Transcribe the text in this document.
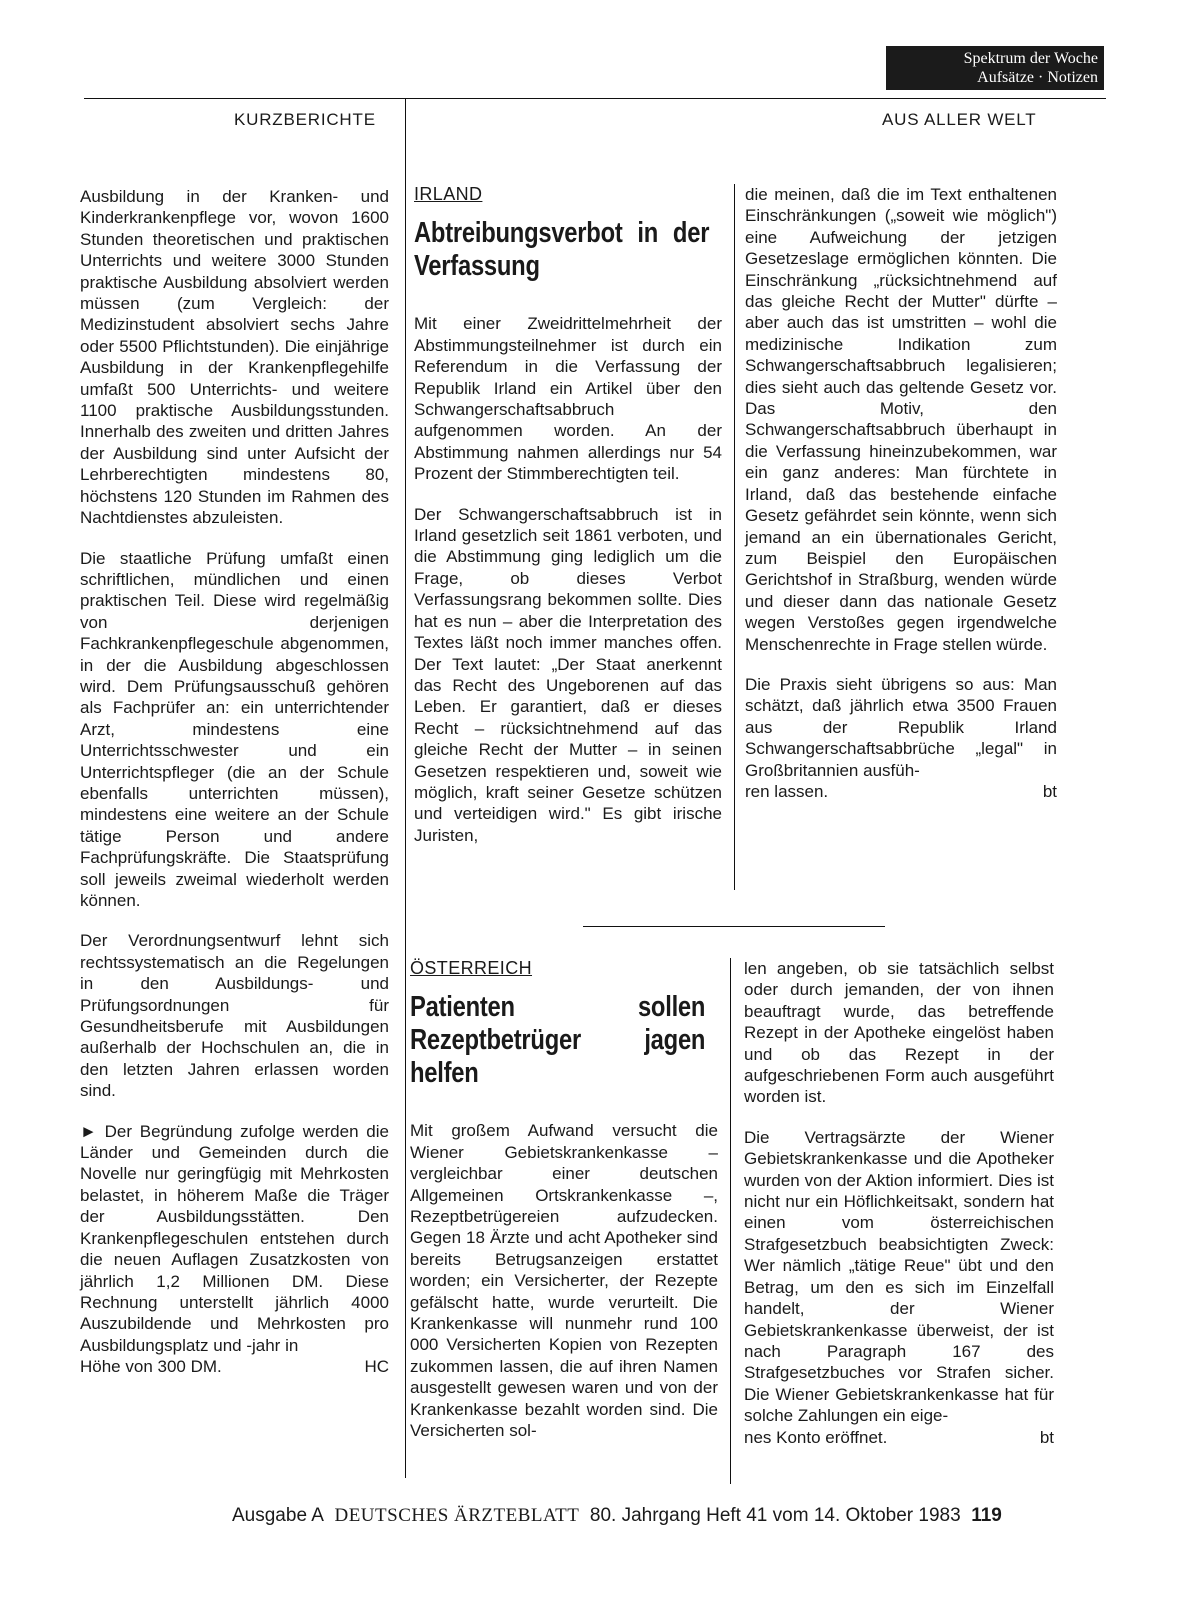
Spektrum der Woche
Aufsätze · Notizen
KURZBERICHTE	AUS ALLER WELT

Ausbildung in der Kranken- und Kinderkrankenpflege vor, wovon 1600 Stunden theoretischen und praktischen Unterrichts und weitere 3000 Stunden praktische Ausbildung absolviert werden müssen (zum Vergleich: der Medizinstudent absolviert sechs Jahre oder 5500 Pflichtstunden). Die einjährige Ausbildung in der Krankenpflegehilfe umfaßt 500 Unterrichts- und weitere 1100 praktische Ausbildungsstunden. Innerhalb des zweiten und dritten Jahres der Ausbildung sind unter Aufsicht der Lehrberechtigten mindestens 80, höchstens 120 Stunden im Rahmen des Nachtdienstes abzuleisten.

Die staatliche Prüfung umfaßt einen schriftlichen, mündlichen und einen praktischen Teil. Diese wird regelmäßig von derjenigen Fachkrankenpflegeschule abgenommen, in der die Ausbildung abgeschlossen wird. Dem Prüfungsausschuß gehören als Fachprüfer an: ein unterrichtender Arzt, mindestens eine Unterrichtsschwester und ein Unterrichtspfleger (die an der Schule ebenfalls unterrichten müssen), mindestens eine weitere an der Schule tätige Person und andere Fachprüfungskräfte. Die Staatsprüfung soll jeweils zweimal wiederholt werden können.

Der Verordnungsentwurf lehnt sich rechtssystematisch an die Regelungen in den Ausbildungs- und Prüfungsordnungen für Gesundheitsberufe mit Ausbildungen außerhalb der Hochschulen an, die in den letzten Jahren erlassen worden sind.

► Der Begründung zufolge werden die Länder und Gemeinden durch die Novelle nur geringfügig mit Mehrkosten belastet, in höherem Maße die Träger der Ausbildungsstätten. Den Krankenpflegeschulen entstehen durch die neuen Auflagen Zusatzkosten von jährlich 1,2 Millionen DM. Diese Rechnung unterstellt jährlich 4000 Auszubildende und Mehrkosten pro Ausbildungsplatz und -jahr in

Höhe von 300 DM.	HC
IRLAND
Abtreibungsverbot in der Verfassung

Mit einer Zweidrittelmehrheit der Abstimmungsteilnehmer ist durch ein Referendum in die Verfassung der Republik Irland ein Artikel über den Schwangerschaftsabbruch aufgenommen worden. An der Abstimmung nahmen allerdings nur 54 Prozent der Stimmberechtigten teil.

Der Schwangerschaftsabbruch ist in Irland gesetzlich seit 1861 verboten, und die Abstimmung ging lediglich um die Frage, ob dieses Verbot Verfassungsrang bekommen sollte. Dies hat es nun – aber die Interpretation des Textes läßt noch immer manches offen. Der Text lautet: „Der Staat anerkennt das Recht des Ungeborenen auf das Leben. Er garantiert, daß er dieses Recht – rücksichtnehmend auf das gleiche Recht der Mutter – in seinen Gesetzen respektieren und, soweit wie möglich, kraft seiner Gesetze schützen und verteidigen wird." Es gibt irische Juristen,

die meinen, daß die im Text enthaltenen Einschränkungen („soweit wie möglich") eine Aufweichung der jetzigen Gesetzeslage ermöglichen könnten. Die Einschränkung „rücksichtnehmend auf das gleiche Recht der Mutter" dürfte – aber auch das ist umstritten – wohl die medizinische Indikation zum Schwangerschaftsabbruch legalisieren; dies sieht auch das geltende Gesetz vor. Das Motiv, den Schwangerschaftsabbruch überhaupt in die Verfassung hineinzubekommen, war ein ganz anderes: Man fürchtete in Irland, daß das bestehende einfache Gesetz gefährdet sein könnte, wenn sich jemand an ein übernationales Gericht, zum Beispiel den Europäischen Gerichtshof in Straßburg, wenden würde und dieser dann das nationale Gesetz wegen Verstoßes gegen irgendwelche Menschenrechte in Frage stellen würde.

Die Praxis sieht übrigens so aus: Man schätzt, daß jährlich etwa 3500 Frauen aus der Republik Irland Schwangerschaftsabbrüche „legal" in Großbritannien ausfüh-

ren lassen.	bt
ÖSTERREICH
Patienten sollen Rezeptbetrüger jagen helfen

Mit großem Aufwand versucht die Wiener Gebietskrankenkasse – vergleichbar einer deutschen Allgemeinen Ortskrankenkasse –, Rezeptbetrügereien aufzudecken. Gegen 18 Ärzte und acht Apotheker sind bereits Betrugsanzeigen erstattet worden; ein Versicherter, der Rezepte gefälscht hatte, wurde verurteilt. Die Krankenkasse will nunmehr rund 100 000 Versicherten Kopien von Rezepten zukommen lassen, die auf ihren Namen ausgestellt gewesen waren und von der Krankenkasse bezahlt worden sind. Die Versicherten sol-

len angeben, ob sie tatsächlich selbst oder durch jemanden, der von ihnen beauftragt wurde, das betreffende Rezept in der Apotheke eingelöst haben und ob das Rezept in der aufgeschriebenen Form auch ausgeführt worden ist.

Die Vertragsärzte der Wiener Gebietskrankenkasse und die Apotheker wurden von der Aktion informiert. Dies ist nicht nur ein Höflichkeitsakt, sondern hat einen vom österreichischen Strafgesetzbuch beabsichtigten Zweck: Wer nämlich „tätige Reue" übt und den Betrag, um den es sich im Einzelfall handelt, der Wiener Gebietskrankenkasse überweist, der ist nach Paragraph 167 des Strafgesetzbuches vor Strafen sicher. Die Wiener Gebietskrankenkasse hat für solche Zahlungen ein eige-

nes Konto eröffnet.	bt
Ausgabe A DEUTSCHES ÄRZTEBLATT 80. Jahrgang Heft 41 vom 14. Oktober 1983 119
